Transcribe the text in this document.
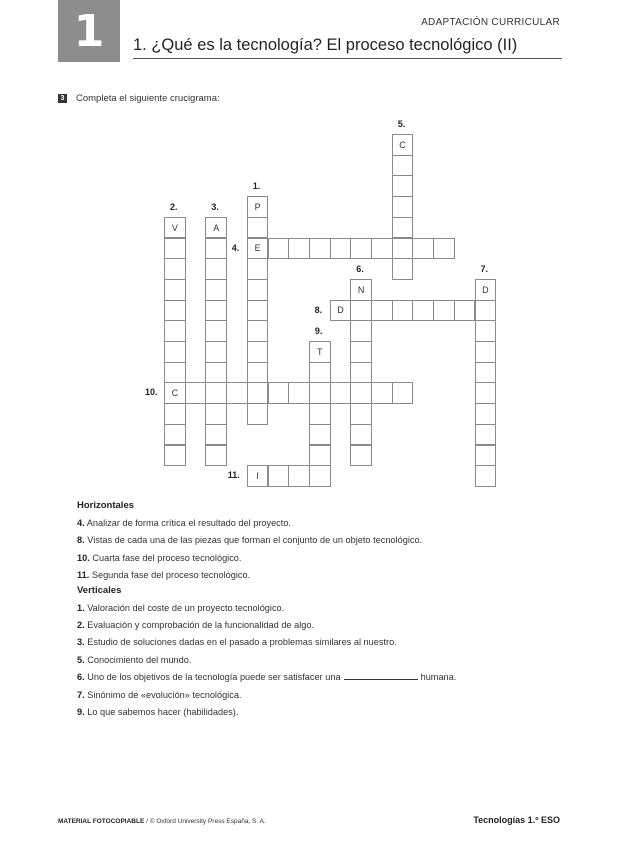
1	ADAPTACIÓN CURRICULAR
1. ¿Qué es la tecnología? El proceso tecnológico (II)
3 Completa el siguiente crucigrama:
P
E
V
C
A
C
N	D
D
T
I
1.
2.	3.
4.
5.
6.	7.
8.
9.
10.
11.
Horizontales
4. Analizar de forma crítica el resultado del proyecto.
8. Vistas de cada una de las piezas que forman el conjunto de un objeto tecnológico.
10. Cuarta fase del proceso tecnológico.
11. Segunda fase del proceso tecnológico.
Verticales
1. Valoración del coste de un proyecto tecnológico.
2. Evaluación y comprobación de la funcionalidad de algo.
3. Estudio de soluciones dadas en el pasado a problemas similares al nuestro.
5. Conocimiento del mundo.
6. Uno de los objetivos de la tecnología puede ser satisfacer una	humana.
7. Sinónimo de «evolución» tecnológica.
9. Lo que sabemos hacer (habilidades).
MATERIAL FOTOCOPIABLE / © Oxford University Press España, S. A.	Tecnologías 1.º ESO
